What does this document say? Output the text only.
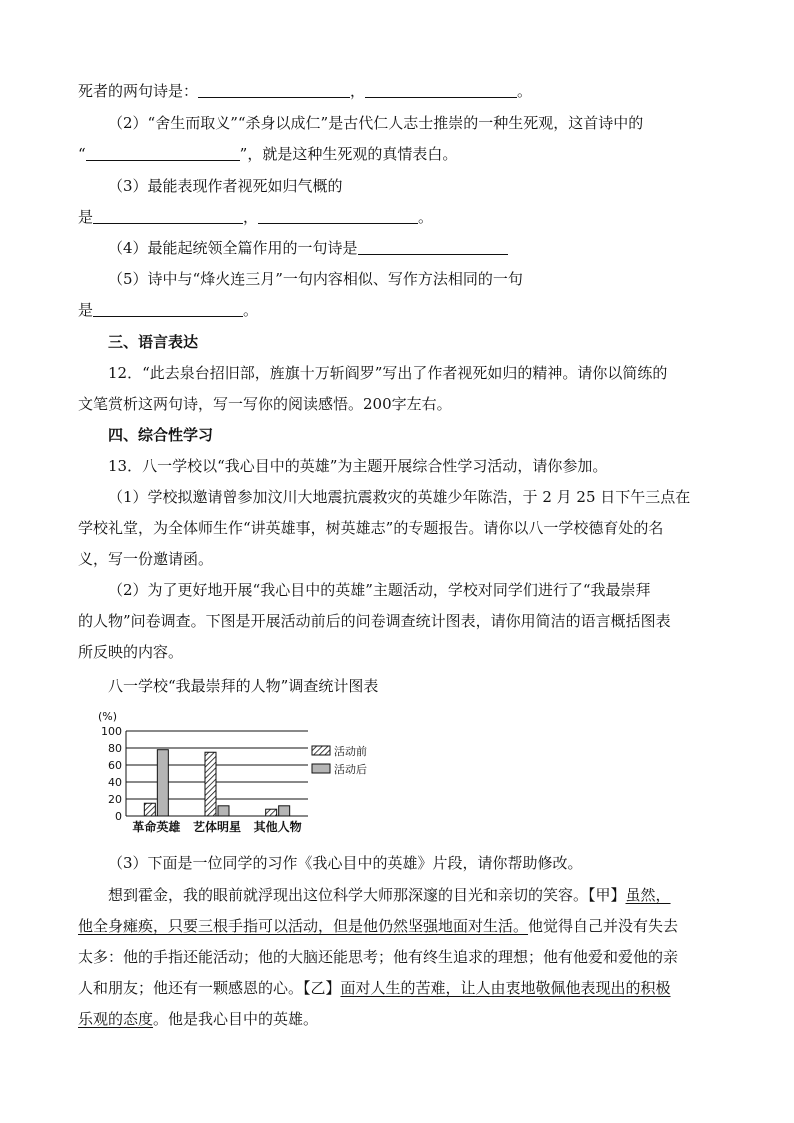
死者的两句诗是：	，	。
（2）“舍生而取义”“杀身以成仁”是古代仁人志士推崇的一种生死观，这首诗中的
“	”，就是这种生死观的真情表白。
（3）最能表现作者视死如归气概的
是	，	。
（4）最能起统领全篇作用的一句诗是
（5）诗中与“烽火连三月”一句内容相似、写作方法相同的一句
是	。
三、语言表达
12．“此去泉台招旧部，旌旗十万斩阎罗”写出了作者视死如归的精神。请你以简练的
文笔赏析这两句诗，写一写你的阅读感悟。200字左右。
四、综合性学习
13．八一学校以“我心目中的英雄”为主题开展综合性学习活动，请你参加。
（1）学校拟邀请曾参加汶川大地震抗震救灾的英雄少年陈浩，于 2 月 25 日下午三点在
学校礼堂，为全体师生作“讲英雄事，树英雄志”的专题报告。请你以八一学校德育处的名
义，写一份邀请函。
（2）为了更好地开展“我心目中的英雄”主题活动，学校对同学们进行了“我最崇拜
的人物”问卷调查。下图是开展活动前后的问卷调查统计图表，请你用简洁的语言概括图表
所反映的内容。
八一学校“我最崇拜的人物”调查统计图表
(%)
0
20
40
60
80
100
革命英雄 艺体明星 其他人物
活动前
活动后
（3）下面是一位同学的习作《我心目中的英雄》片段，请你帮助修改。
想到霍金，我的眼前就浮现出这位科学大师那深邃的目光和亲切的笑容。【甲】虽然，
他全身瘫痪，只要三根手指可以活动，但是他仍然坚强地面对生活。他觉得自己并没有失去
太多：他的手指还能活动；他的大脑还能思考；他有终生追求的理想；他有他爱和爱他的亲
人和朋友；他还有一颗感恩的心。【乙】面对人生的苦难，让人由衷地敬佩他表现出的积极
乐观的态度。他是我心目中的英雄。
